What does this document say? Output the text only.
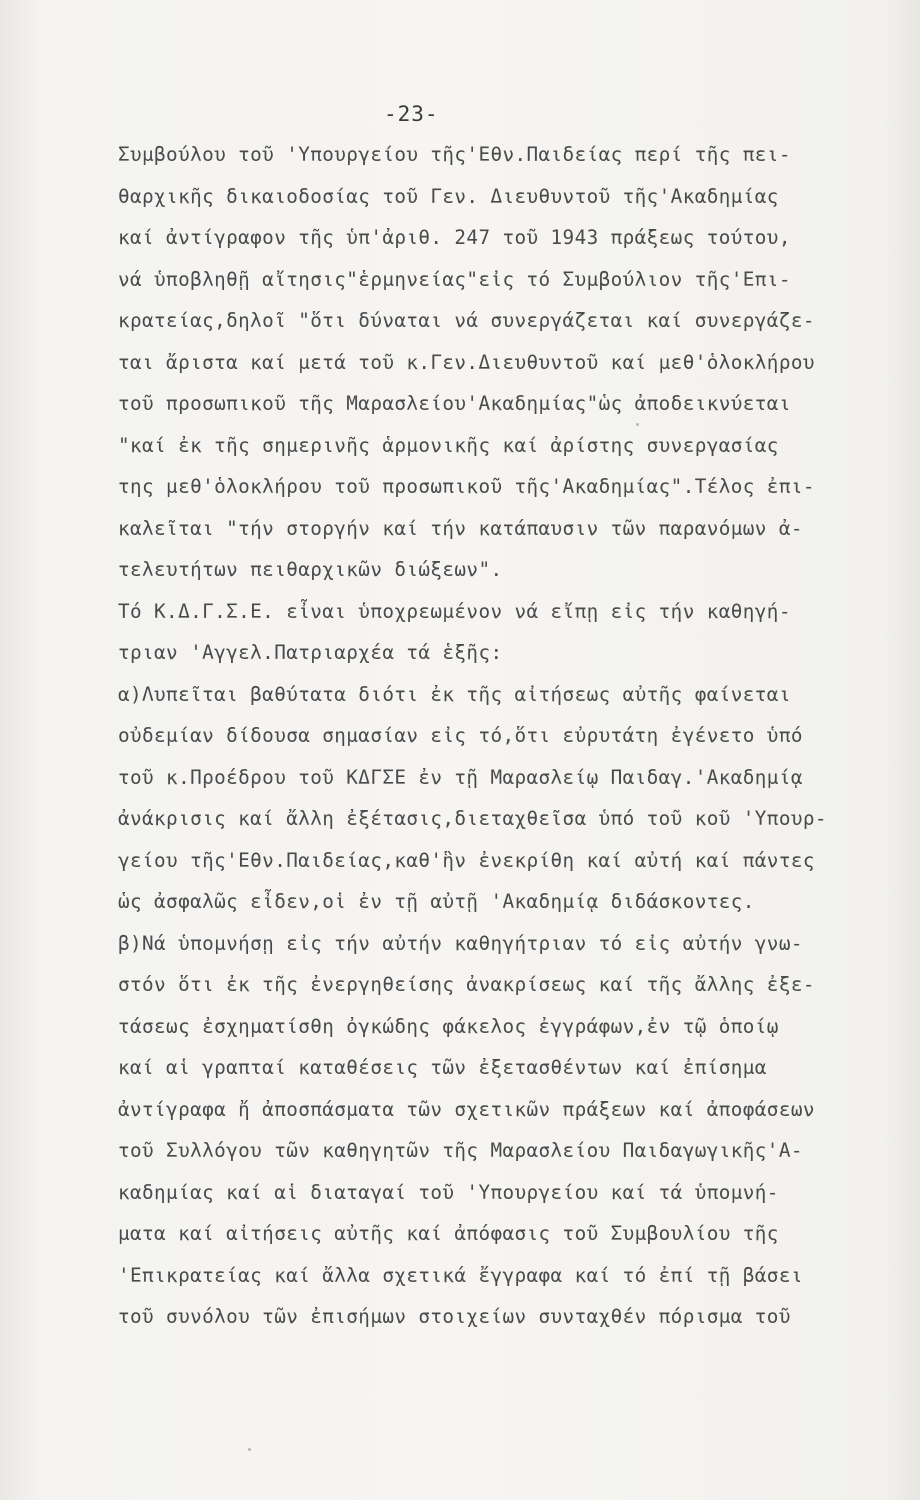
-23-
Συμβούλου τοῦ 'Υπουργείου τῆς'Εθν.Παιδείας περί τῆς πει-
θαρχικῆς δικαιοδοσίας τοῦ Γεν. Διευθυντοῦ τῆς'Ακαδημίας
καί ἀντίγραφον τῆς ὑπ'ἀριθ. 247 τοῦ 1943 πράξεως τούτου,
νά ὑποβληθῇ αἴτησις"ἑρμηνείας"εἰς τό Συμβούλιον τῆς'Επι-
κρατείας,δηλοῖ "ὅτι δύναται νά συνεργάζεται καί συνεργάζε-
ται ἄριστα καί μετά τοῦ κ.Γεν.Διευθυντοῦ καί μεθ'ὁλοκλήρου
τοῦ προσωπικοῦ τῆς Μαρασλείου'Ακαδημίας"ὡς ἀποδεικνύεται
"καί ἐκ τῆς σημερινῆς ἁρμονικῆς καί ἀρίστης συνεργασίας
της μεθ'ὁλοκλήρου τοῦ προσωπικοῦ τῆς'Ακαδημίας".Τέλος ἐπι-
καλεῖται "τήν στοργήν καί τήν κατάπαυσιν τῶν παρανόμων ἀ-
τελευτήτων πειθαρχικῶν διώξεων".
Τό Κ.Δ.Γ.Σ.Ε. εἶναι ὑποχρεωμένον νά εἴπῃ εἰς τήν καθηγή-
τριαν 'Αγγελ.Πατριαρχέα τά ἑξῆς:
α)Λυπεῖται βαθύτατα διότι ἐκ τῆς αἰτήσεως αὐτῆς φαίνεται
οὐδεμίαν δίδουσα σημασίαν εἰς τό,ὅτι εὐρυτάτη ἐγένετο ὑπό
τοῦ κ.Προέδρου τοῦ ΚΔΓΣΕ ἐν τῇ Μαρασλείῳ Παιδαγ.'Ακαδημίᾳ
ἀνάκρισις καί ἄλλη ἐξέτασις,διεταχθεῖσα ὑπό τοῦ κοῦ 'Υπουρ-
γείου τῆς'Εθν.Παιδείας,καθ'ἣν ἐνεκρίθη καί αὐτή καί πάντες
ὡς ἀσφαλῶς εἶδεν,οἱ ἐν τῇ αὐτῇ 'Ακαδημίᾳ διδάσκοντες.
β)Νά ὑπομνήσῃ εἰς τήν αὐτήν καθηγήτριαν τό εἰς αὐτήν γνω-
στόν ὅτι ἐκ τῆς ἐνεργηθείσης ἀνακρίσεως καί τῆς ἄλλης ἐξε-
τάσεως ἐσχηματίσθη ὀγκώδης φάκελος ἐγγράφων,ἐν τῷ ὁποίῳ
καί αἱ γραπταί καταθέσεις τῶν ἐξετασθέντων καί ἐπίσημα
ἀντίγραφα ἤ ἀποσπάσματα τῶν σχετικῶν πράξεων καί ἀποφάσεων
τοῦ Συλλόγου τῶν καθηγητῶν τῆς Μαρασλείου Παιδαγωγικῆς'Α-
καδημίας καί αἱ διαταγαί τοῦ 'Υπουργείου καί τά ὑπομνή-
ματα καί αἰτήσεις αὐτῆς καί ἀπόφασις τοῦ Συμβουλίου τῆς
'Επικρατείας καί ἄλλα σχετικά ἔγγραφα καί τό ἐπί τῇ βάσει
τοῦ συνόλου τῶν ἐπισήμων στοιχείων συνταχθέν πόρισμα τοῦ
